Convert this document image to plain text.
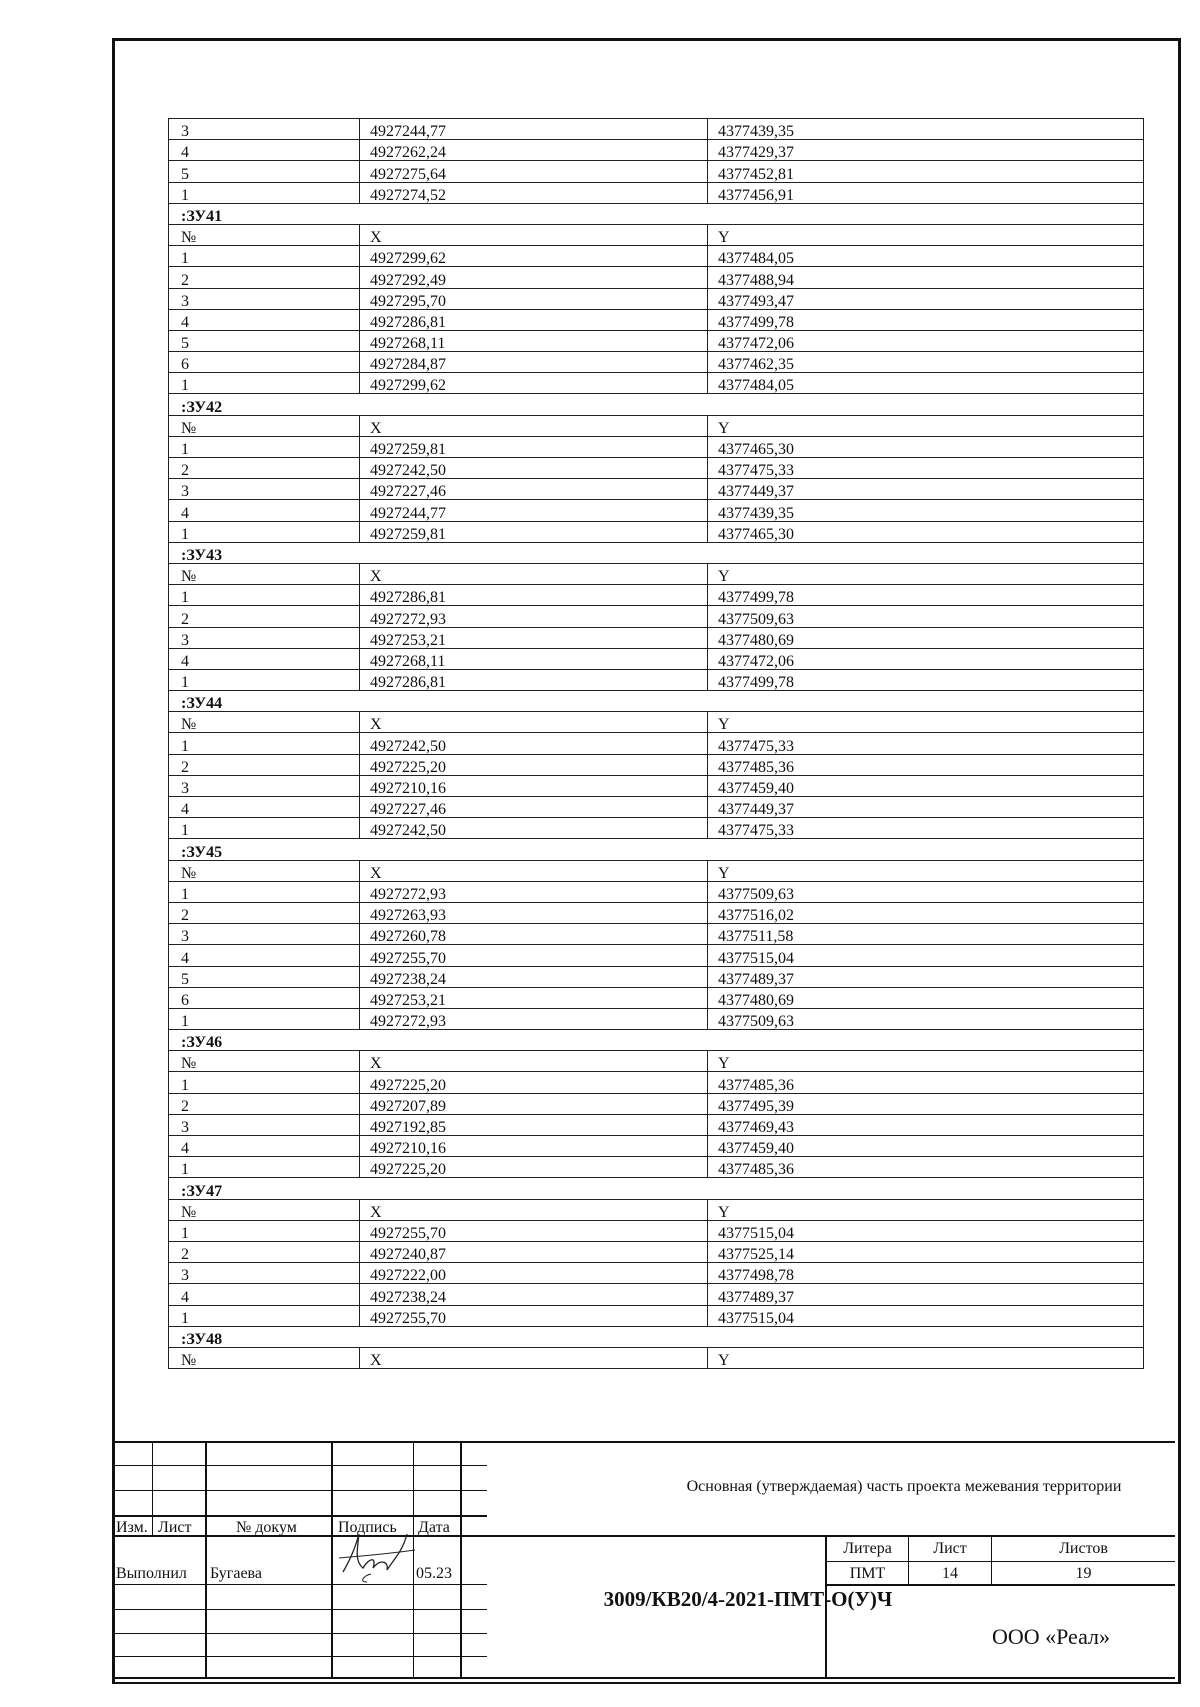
3	4927244,77	4377439,35
4	4927262,24	4377429,37
5	4927275,64	4377452,81
1	4927274,52	4377456,91
:ЗУ41		
№	X	Y
1	4927299,62	4377484,05
2	4927292,49	4377488,94
3	4927295,70	4377493,47
4	4927286,81	4377499,78
5	4927268,11	4377472,06
6	4927284,87	4377462,35
1	4927299,62	4377484,05
:ЗУ42		
№	X	Y
1	4927259,81	4377465,30
2	4927242,50	4377475,33
3	4927227,46	4377449,37
4	4927244,77	4377439,35
1	4927259,81	4377465,30
:ЗУ43		
№	X	Y
1	4927286,81	4377499,78
2	4927272,93	4377509,63
3	4927253,21	4377480,69
4	4927268,11	4377472,06
1	4927286,81	4377499,78
:ЗУ44		
№	X	Y
1	4927242,50	4377475,33
2	4927225,20	4377485,36
3	4927210,16	4377459,40
4	4927227,46	4377449,37
1	4927242,50	4377475,33
:ЗУ45		
№	X	Y
1	4927272,93	4377509,63
2	4927263,93	4377516,02
3	4927260,78	4377511,58
4	4927255,70	4377515,04
5	4927238,24	4377489,37
6	4927253,21	4377480,69
1	4927272,93	4377509,63
:ЗУ46		
№	X	Y
1	4927225,20	4377485,36
2	4927207,89	4377495,39
3	4927192,85	4377469,43
4	4927210,16	4377459,40
1	4927225,20	4377485,36
:ЗУ47		
№	X	Y
1	4927255,70	4377515,04
2	4927240,87	4377525,14
3	4927222,00	4377498,78
4	4927238,24	4377489,37
1	4927255,70	4377515,04
:ЗУ48		
№	X	Y
Основная (утверждаемая) часть проекта межевания территории
Изм. Лист	№ докум	Подпись Дата
Выполнил Бугаева	05.23
3009/КВ20/4-2021-ПМТ-О(У)Ч
Литера	Лист	Листов
ПМТ	14	19
ООО «Реал»
